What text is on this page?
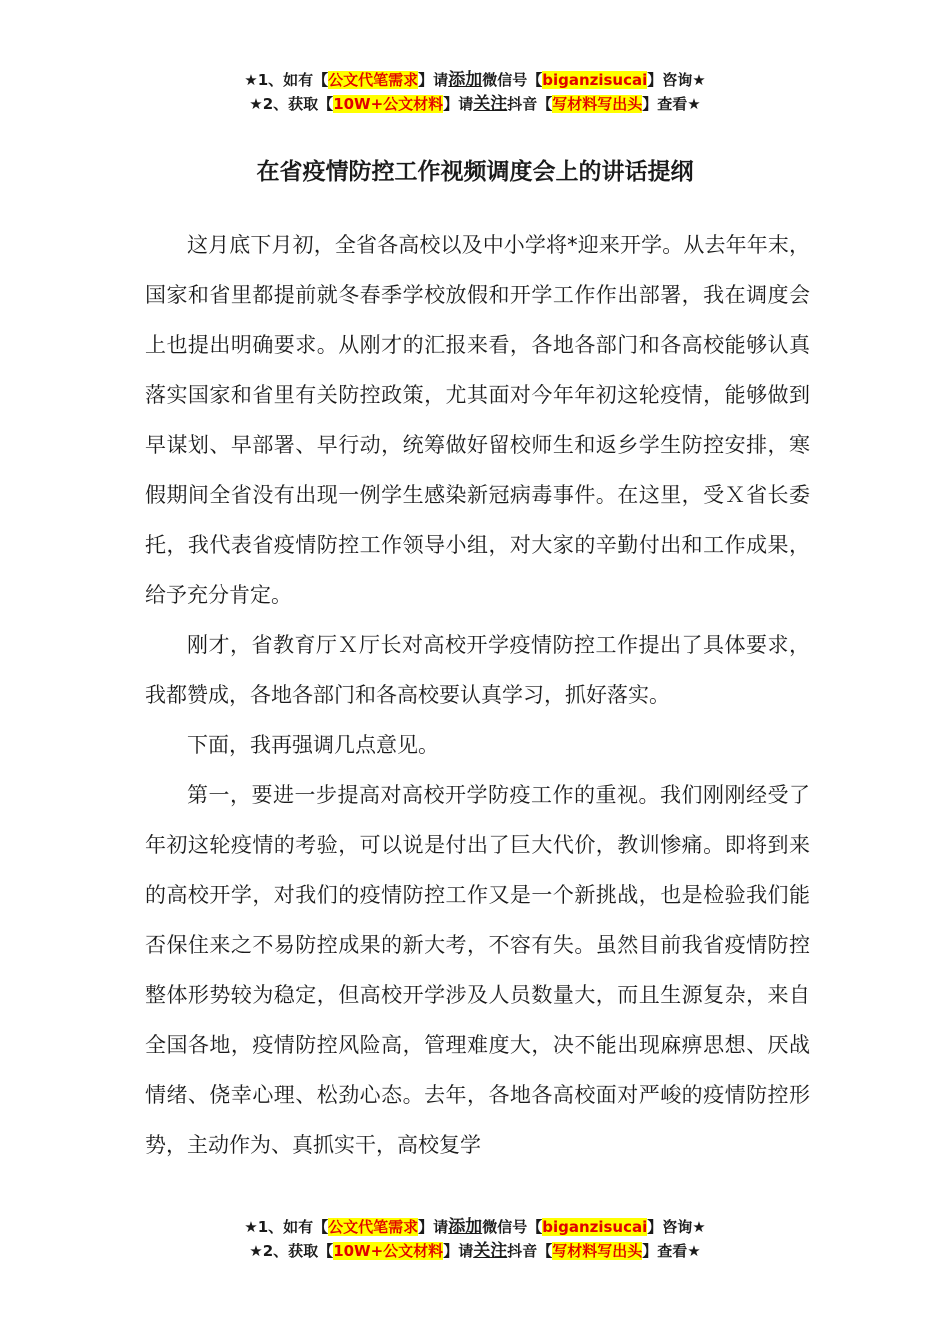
★1、如有【公文代笔需求】请添加微信号【biganzisucai】咨询★
★2、获取【10W+公文材料】请关注抖音【写材料写出头】查看★
在省疫情防控工作视频调度会上的讲话提纲

这月底下月初，全省各高校以及中小学将*迎来开学。从去年年末，国家和省里都提前就冬春季学校放假和开学工作作出部署，我在调度会上也提出明确要求。从刚才的汇报来看，各地各部门和各高校能够认真落实国家和省里有关防控政策，尤其面对今年年初这轮疫情，能够做到早谋划、早部署、早行动，统筹做好留校师生和返乡学生防控安排，寒假期间全省没有出现一例学生感染新冠病毒事件。在这里，受Ｘ省长委托，我代表省疫情防控工作领导小组，对大家的辛勤付出和工作成果，给予充分肯定。

刚才，省教育厅Ｘ厅长对高校开学疫情防控工作提出了具体要求，我都赞成，各地各部门和各高校要认真学习，抓好落实。

下面，我再强调几点意见。

第一，要进一步提高对高校开学防疫工作的重视。我们刚刚经受了年初这轮疫情的考验，可以说是付出了巨大代价，教训惨痛。即将到来的高校开学，对我们的疫情防控工作又是一个新挑战，也是检验我们能否保住来之不易防控成果的新大考，不容有失。虽然目前我省疫情防控整体形势较为稳定，但高校开学涉及人员数量大，而且生源复杂，来自全国各地，疫情防控风险高，管理难度大，决不能出现麻痹思想、厌战情绪、侥幸心理、松劲心态。去年，各地各高校面对严峻的疫情防控形势，主动作为、真抓实干，高校复学

★1、如有【公文代笔需求】请添加微信号【biganzisucai】咨询★
★2、获取【10W+公文材料】请关注抖音【写材料写出头】查看★
